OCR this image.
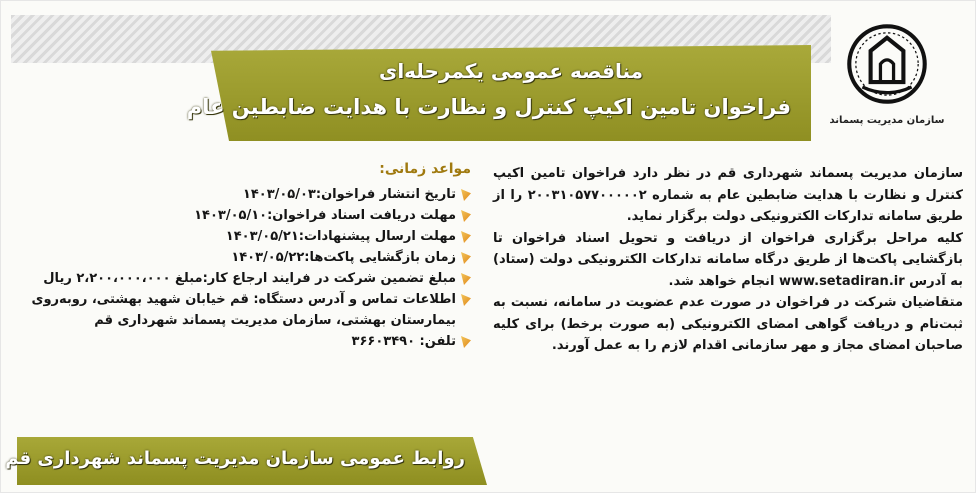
مناقصه عمومی یکمرحله‌ای
فراخوان تامین اکیپ کنترل و نظارت با هدایت ضابطین عام
سازمان مدیریت پسماند
مواعد زمانی:
تاریخ انتشار فراخوان:۱۴۰۳/۰۵/۰۳
مهلت دریافت اسناد فراخوان:۱۴۰۳/۰۵/۱۰
مهلت ارسال پیشنهادات:۱۴۰۳/۰۵/۲۱
زمان بازگشایی پاکت‌ها:۱۴۰۳/۰۵/۲۲
مبلغ تضمین شرکت در فرایند ارجاع کار:مبلغ ۲،۲۰۰،۰۰۰،۰۰۰ ریال
اطلاعات تماس و آدرس دستگاه: قم خیابان شهید بهشتی، روبه‌روی بیمارستان بهشتی، سازمان مدیریت پسماند شهرداری قم
تلفن: ۳۶۶۰۳۴۹۰

سازمان مدیریت پسماند شهرداری قم در نظر دارد فراخوان تامین اکیپ کنترل و نظارت با هدایت ضابطین عام به شماره ۲۰۰۳۱۰۵۷۷۰۰۰۰۰۲ را از طریق سامانه تدارکات الکترونیکی دولت برگزار نماید.

کلیه مراحل برگزاری فراخوان از دریافت و تحویل اسناد فراخوان تا بازگشایی پاکت‌ها از طریق درگاه سامانه تدارکات الکترونیکی دولت (ستاد) به آدرس www.setadiran.ir انجام خواهد شد.

متقاضیان شرکت در فراخوان در صورت عدم عضویت در سامانه، نسبت به ثبت‌نام و دریافت گواهی امضای الکترونیکی (به صورت برخط) برای کلیه صاحبان امضای مجاز و مهر سازمانی اقدام لازم را به عمل آورند.

روابط عمومی سازمان مدیریت پسماند شهرداری قم
